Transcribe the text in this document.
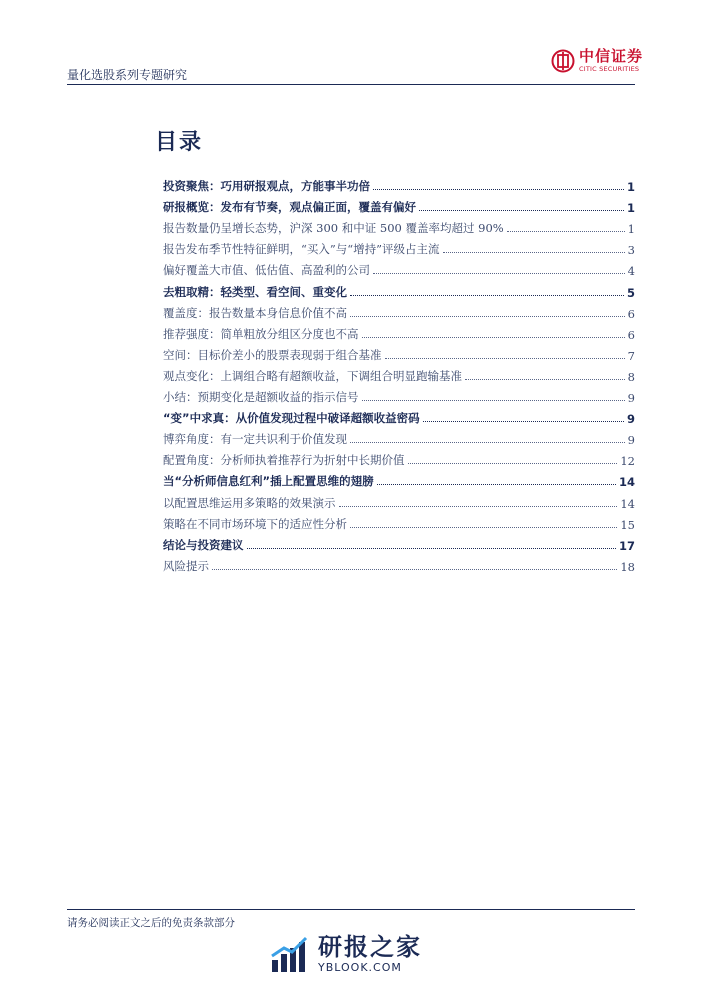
量化选股系列专题研究
中信证券
CITIC SECURITIES
目录
投资聚焦：巧用研报观点，方能事半功倍	1
研报概览：发布有节奏，观点偏正面，覆盖有偏好	1
报告数量仍呈增长态势，沪深 300 和中证 500 覆盖率均超过 90%	1
报告发布季节性特征鲜明，“买入”与“增持”评级占主流	3
偏好覆盖大市值、低估值、高盈利的公司	4
去粗取精：轻类型、看空间、重变化	5
覆盖度：报告数量本身信息价值不高	6
推荐强度：简单粗放分组区分度也不高	6
空间：目标价差小的股票表现弱于组合基准	7
观点变化：上调组合略有超额收益，下调组合明显跑输基准	8
小结：预期变化是超额收益的指示信号	9
“变”中求真：从价值发现过程中破译超额收益密码	9
博弈角度：有一定共识利于价值发现	9
配置角度：分析师执着推荐行为折射中长期价值	12
当“分析师信息红利”插上配置思维的翅膀	14
以配置思维运用多策略的效果演示	14
策略在不同市场环境下的适应性分析	15
结论与投资建议	17
风险提示	18
请务必阅读正文之后的免责条款部分
研报之家
YBLOOK.COM
